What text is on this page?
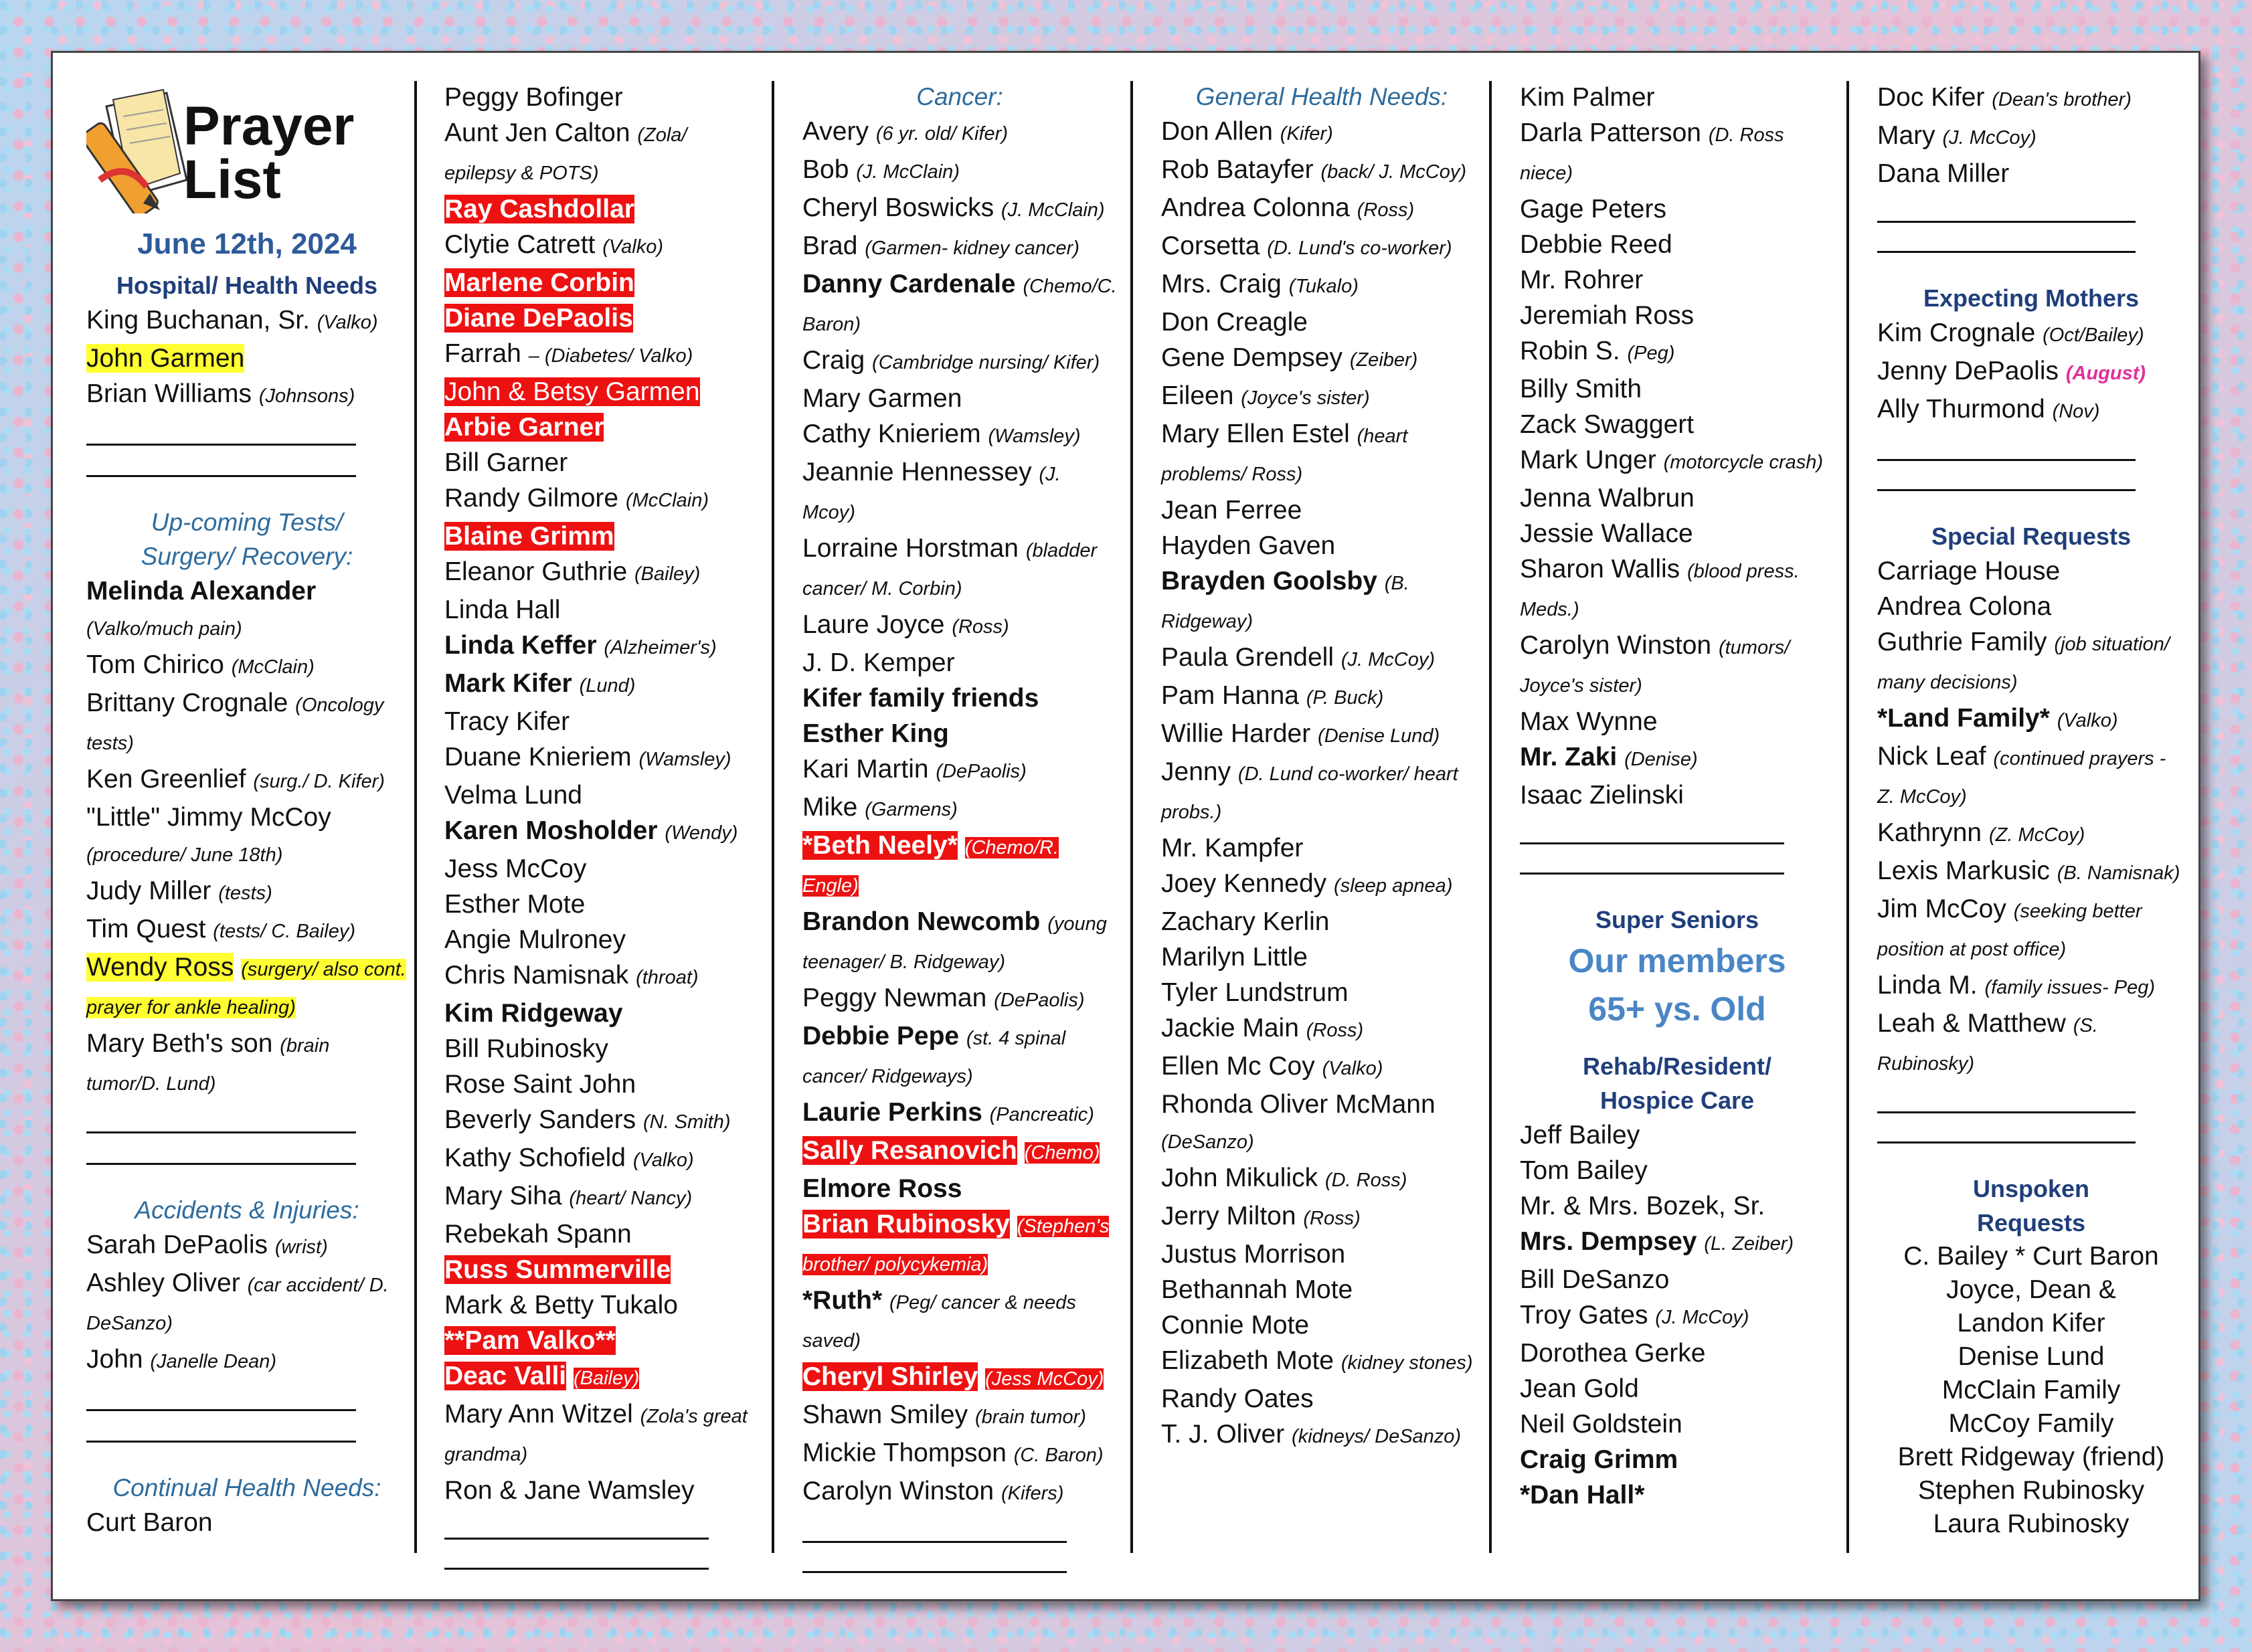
Prayer List
June 12th, 2024
Hospital/ Health Needs
King Buchanan, Sr. (Valko)
John Garmen
Brian Williams (Johnsons)
Up-coming Tests/
Surgery/ Recovery:
Melinda Alexander (Valko/much pain)
Tom Chirico (McClain)
Brittany Crognale (Oncology tests)
Ken Greenlief (surg./ D. Kifer)
"Little" Jimmy McCoy (procedure/ June 18th)
Judy Miller (tests)
Tim Quest (tests/ C. Bailey)
Wendy Ross (surgery/ also cont. prayer for ankle healing)
Mary Beth's son (brain tumor/D. Lund)
Accidents & Injuries:
Sarah DePaolis (wrist)
Ashley Oliver (car accident/ D. DeSanzo)
John (Janelle Dean)
Continual Health Needs:
Curt Baron
Peggy Bofinger
Aunt Jen Calton (Zola/ epilepsy & POTS)
Ray Cashdollar
Clytie Catrett (Valko)
Marlene Corbin
Diane DePaolis
Farrah – (Diabetes/ Valko)
John & Betsy Garmen
Arbie Garner
Bill Garner
Randy Gilmore (McClain)
Blaine Grimm
Eleanor Guthrie (Bailey)
Linda Hall
Linda Keffer (Alzheimer's)
Mark Kifer (Lund)
Tracy Kifer
Duane Knieriem (Wamsley)
Velma Lund
Karen Mosholder (Wendy)
Jess McCoy
Esther Mote
Angie Mulroney
Chris Namisnak (throat)
Kim Ridgeway
Bill Rubinosky
Rose Saint John
Beverly Sanders (N. Smith)
Kathy Schofield (Valko)
Mary Siha (heart/ Nancy)
Rebekah Spann
Russ Summerville
Mark & Betty Tukalo
**Pam Valko**
Deac Valli (Bailey)
Mary Ann Witzel (Zola's great grandma)
Ron & Jane Wamsley
Cancer:
Avery (6 yr. old/ Kifer)
Bob (J. McClain)
Cheryl Boswicks (J. McClain)
Brad (Garmen- kidney cancer)
Danny Cardenale (Chemo/C. Baron)
Craig (Cambridge nursing/ Kifer)
Mary Garmen
Cathy Knieriem (Wamsley)
Jeannie Hennessey (J. Mcoy)
Lorraine Horstman (bladder cancer/ M. Corbin)
Laure Joyce (Ross)
J. D. Kemper
Kifer family friends
Esther King
Kari Martin (DePaolis)
Mike (Garmens)
*Beth Neely* (Chemo/R. Engle)
Brandon Newcomb (young teenager/ B. Ridgeway)
Peggy Newman (DePaolis)
Debbie Pepe (st. 4 spinal cancer/ Ridgeways)
Laurie Perkins (Pancreatic)
Sally Resanovich (Chemo)
Elmore Ross
Brian Rubinosky (Stephen's brother/ polycykemia)
*Ruth* (Peg/ cancer & needs saved)
Cheryl Shirley (Jess McCoy)
Shawn Smiley (brain tumor)
Mickie Thompson (C. Baron)
Carolyn Winston (Kifers)
General Health Needs:
Don Allen (Kifer)
Rob Batayfer (back/ J. McCoy)
Andrea Colonna (Ross)
Corsetta (D. Lund's co-worker)
Mrs. Craig (Tukalo)
Don Creagle
Gene Dempsey (Zeiber)
Eileen (Joyce's sister)
Mary Ellen Estel (heart problems/ Ross)
Jean Ferree
Hayden Gaven
Brayden Goolsby (B. Ridgeway)
Paula Grendell (J. McCoy)
Pam Hanna (P. Buck)
Willie Harder (Denise Lund)
Jenny (D. Lund co-worker/ heart probs.)
Mr. Kampfer
Joey Kennedy (sleep apnea)
Zachary Kerlin
Marilyn Little
Tyler Lundstrum
Jackie Main (Ross)
Ellen Mc Coy (Valko)
Rhonda Oliver McMann (DeSanzo)
John Mikulick (D. Ross)
Jerry Milton (Ross)
Justus Morrison
Bethannah Mote
Connie Mote
Elizabeth Mote (kidney stones)
Randy Oates
T. J. Oliver (kidneys/ DeSanzo)
Kim Palmer
Darla Patterson (D. Ross niece)
Gage Peters
Debbie Reed
Mr. Rohrer
Jeremiah Ross
Robin S. (Peg)
Billy Smith
Zack Swaggert
Mark Unger (motorcycle crash)
Jenna Walbrun
Jessie Wallace
Sharon Wallis (blood press. Meds.)
Carolyn Winston (tumors/ Joyce's sister)
Max Wynne
Mr. Zaki (Denise)
Isaac Zielinski
Super Seniors
Our members
65+ ys. Old
Rehab/Resident/
Hospice Care
Jeff Bailey
Tom Bailey
Mr. & Mrs. Bozek, Sr.
Mrs. Dempsey (L. Zeiber)
Bill DeSanzo
Troy Gates (J. McCoy)
Dorothea Gerke
Jean Gold
Neil Goldstein
Craig Grimm
*Dan Hall*
Doc Kifer (Dean's brother)
Mary (J. McCoy)
Dana Miller
Expecting Mothers
Kim Crognale (Oct/Bailey)
Jenny DePaolis (August)
Ally Thurmond (Nov)
Special Requests
Carriage House
Andrea Colona
Guthrie Family (job situation/ many decisions)
*Land Family* (Valko)
Nick Leaf (continued prayers - Z. McCoy)
Kathrynn (Z. McCoy)
Lexis Markusic (B. Namisnak)
Jim McCoy (seeking better position at post office)
Linda M. (family issues- Peg)
Leah & Matthew (S. Rubinosky)
Unspoken
Requests
C. Bailey * Curt Baron
Joyce, Dean &
Landon Kifer
Denise Lund
McClain Family
McCoy Family
Brett Ridgeway (friend)
Stephen Rubinosky
Laura Rubinosky
